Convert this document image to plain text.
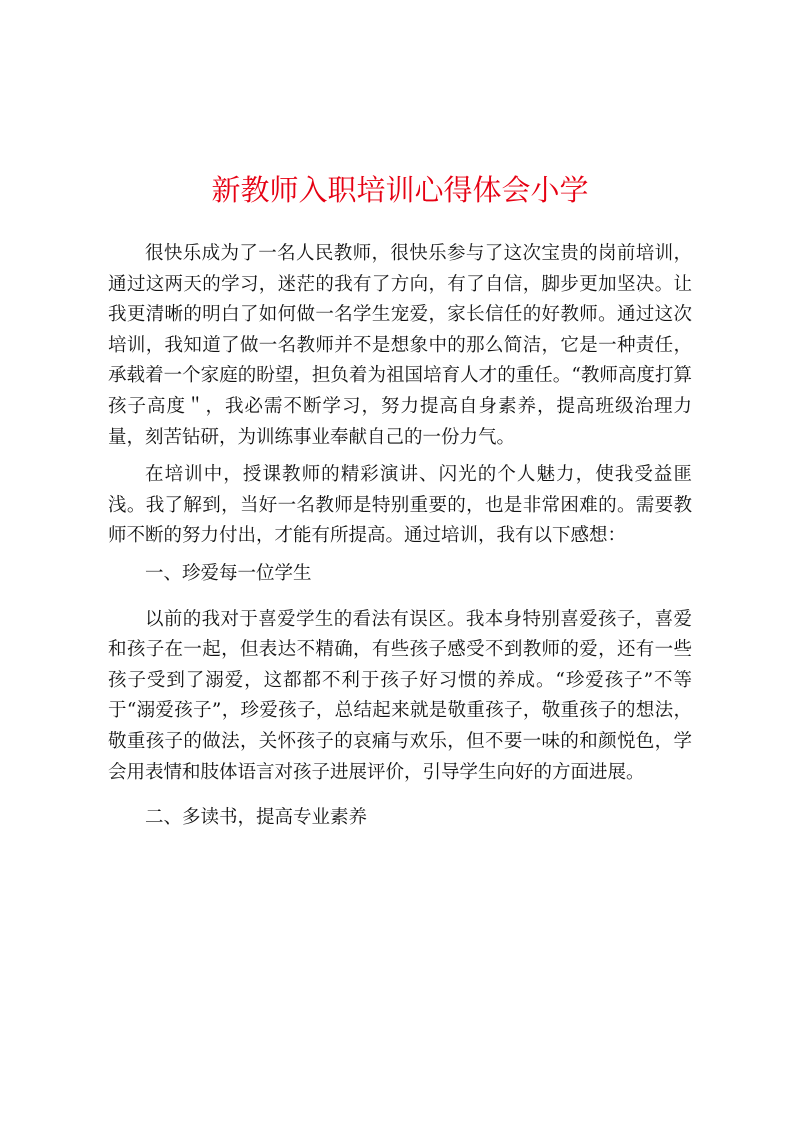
新教师入职培训心得体会小学

很快乐成为了一名人民教师，很快乐参与了这次宝贵的岗前培训，通过这两天的学习，迷茫的我有了方向，有了自信，脚步更加坚决。让我更清晰的明白了如何做一名学生宠爱，家长信任的好教师。通过这次培训，我知道了做一名教师并不是想象中的那么简洁，它是一种责任，承载着一个家庭的盼望，担负着为祖国培育人才的重任。“教师高度打算孩子高度＂，我必需不断学习，努力提高自身素养，提高班级治理力量，刻苦钻研，为训练事业奉献自己的一份力气。

在培训中，授课教师的精彩演讲、闪光的个人魅力，使我受益匪浅。我了解到，当好一名教师是特别重要的，也是非常困难的。需要教师不断的努力付出，才能有所提高。通过培训，我有以下感想：

一、珍爱每一位学生

以前的我对于喜爱学生的看法有误区。我本身特别喜爱孩子，喜爱和孩子在一起，但表达不精确，有些孩子感受不到教师的爱，还有一些孩子受到了溺爱，这都都不利于孩子好习惯的养成。“珍爱孩子”不等于“溺爱孩子”，珍爱孩子，总结起来就是敬重孩子，敬重孩子的想法，敬重孩子的做法，关怀孩子的哀痛与欢乐，但不要一味的和颜悦色，学会用表情和肢体语言对孩子进展评价，引导学生向好的方面进展。

二、多读书，提高专业素养
